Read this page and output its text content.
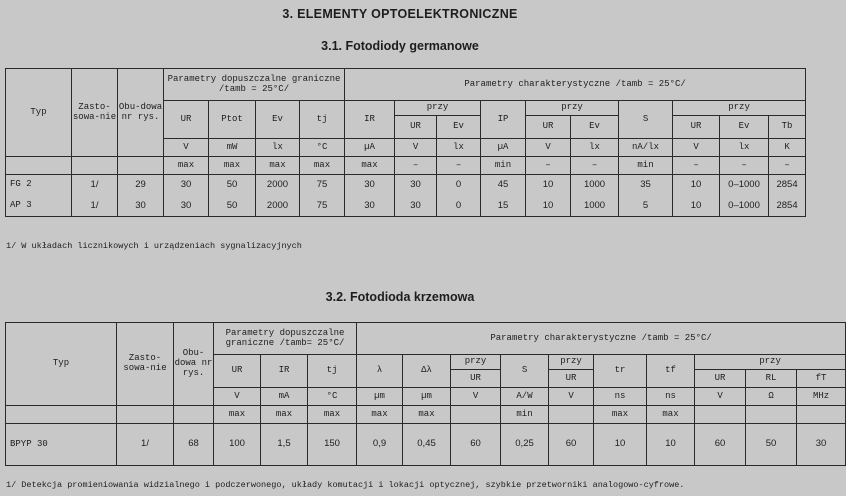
3. ELEMENTY OPTOELEKTRONICZNE
3.1. Fotodiody germanowe
Typ	Zasto-sowa-nie	Obu-dowa nr rys.	Parametry dopuszczalne graniczne /tamb = 25°C/				Parametry charakterystyczne /tamb = 25°C/									
			UR	Ptot	Ev	tj	IR	przy		IP	przy		S	przy		
								UR	Ev		UR	Ev		UR	Ev	Tb
			V	mW	lx	°C	µA	V	lx	µA	V	lx	nA/lx	V	lx	K
			max	max	max	max	max	–	–	min	–	–	min	–	–	–
FG 2	1/	29	30	50	2000	75	30	30	0	45	10	1000	35	10	0–1000	2854
AP 3	1/	30	30	50	2000	75	30	30	0	15	10	1000	5	10	0–1000	2854
1/ W układach licznikowych i urządzeniach sygnalizacyjnych
3.2. Fotodioda krzemowa
Typ	Zasto-sowa-nie	Obu-dowa nr rys.	Parametry dopuszczalne graniczne /tamb= 25°C/			Parametry charakterystyczne /tamb = 25°C/									
			UR	IR	tj	λ	Δλ	przy	S	przy	tr	tf	przy		
								UR		UR			UR	RL	fT
			V	mA	°C	µm	µm	V	A/W	V	ns	ns	V	Ω	MHz
			max	max	max	max	max		min		max	max			
BPYP 30	1/	68	100	1,5	150	0,9	0,45	60	0,25	60	10	10	60	50	30
1/ Detekcja promieniowania widzialnego i podczerwonego, układy komutacji i lokacji optycznej, szybkie przetworniki analogowo-cyfrowe.
